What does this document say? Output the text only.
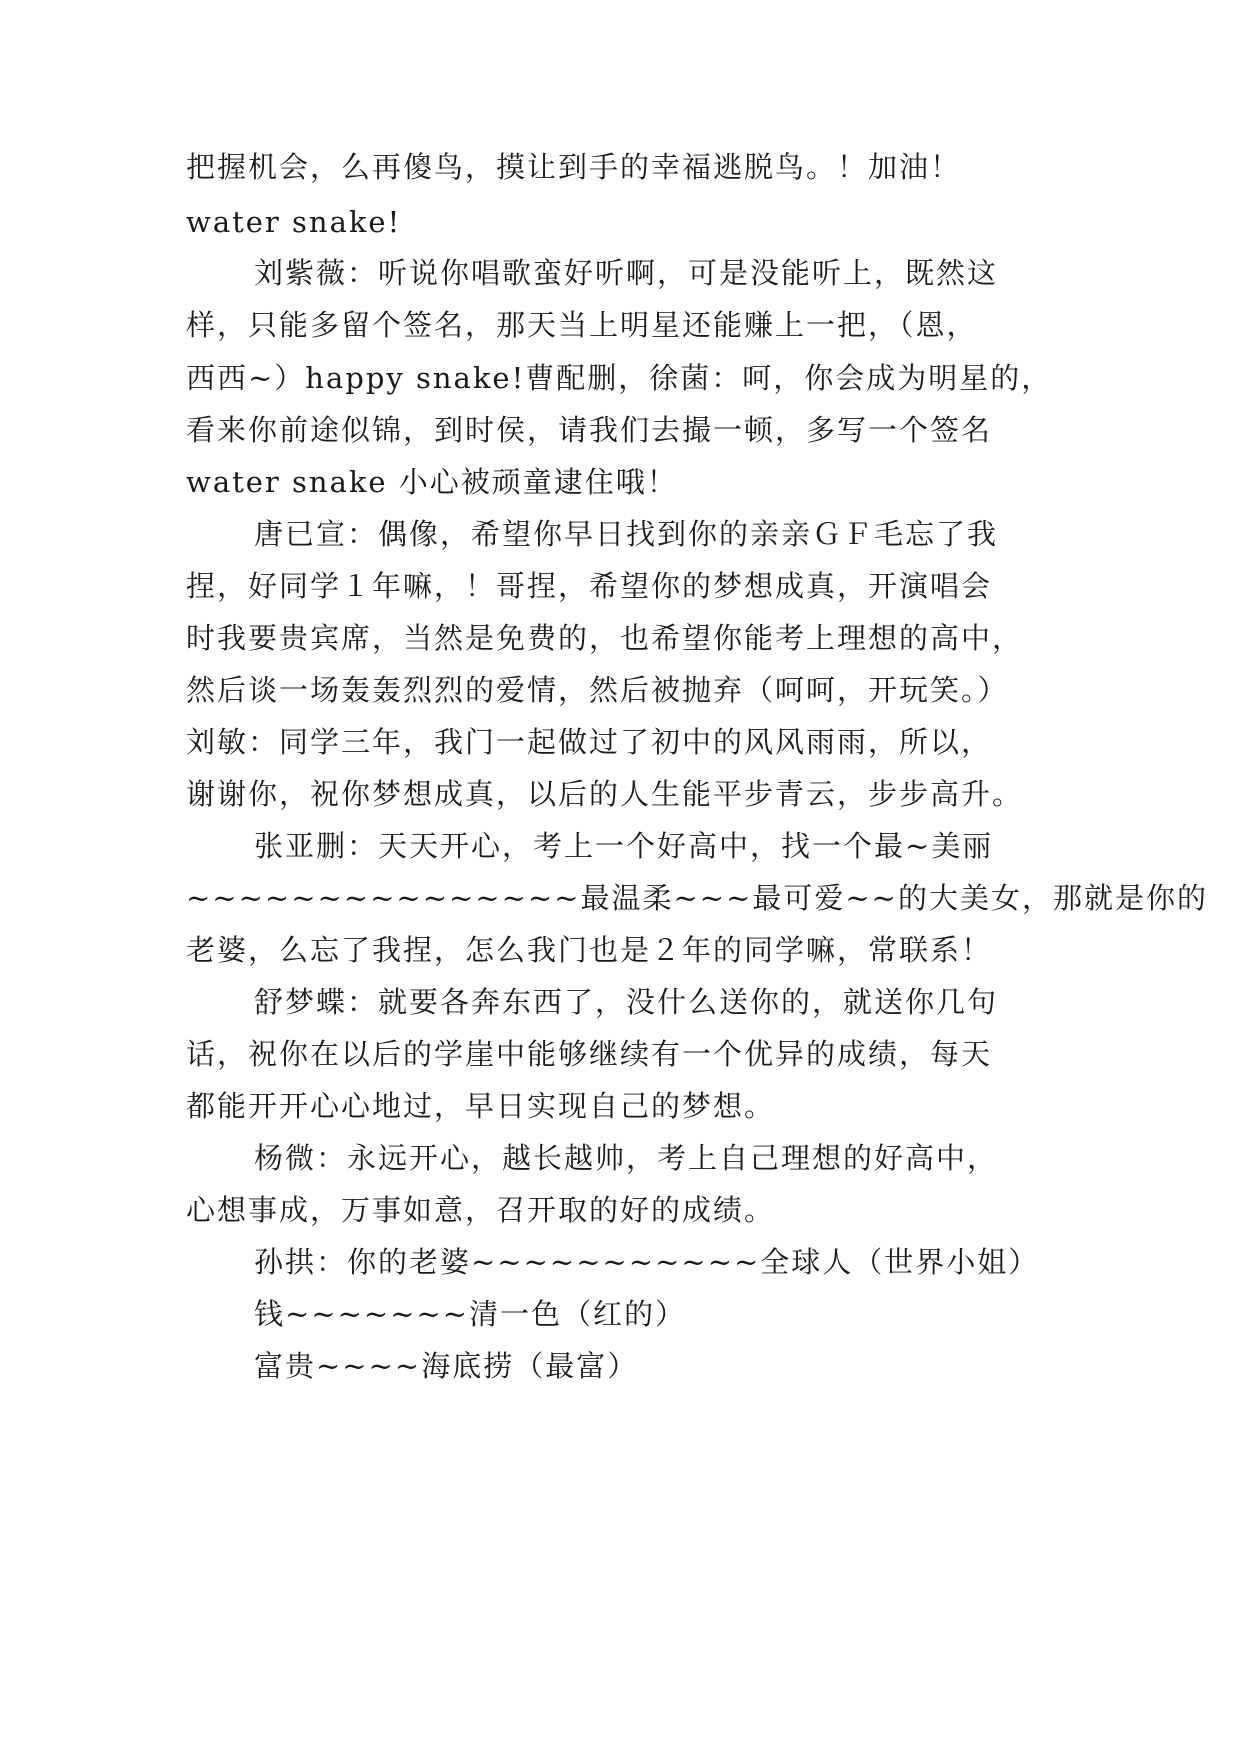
把握机会，么再傻鸟，摸让到手的幸福逃脱鸟。！加油！
water snake!
刘紫薇：听说你唱歌蛮好听啊，可是没能听上，既然这
样，只能多留个签名，那天当上明星还能赚上一把，（恩，
西西~）happy snake!曹配删，徐菌：呵，你会成为明星的，
看来你前途似锦，到时侯，请我们去撮一顿，多写一个签名
water snake 小心被顽童逮住哦！
唐已宣：偶像，希望你早日找到你的亲亲ＧＦ毛忘了我
捏，好同学１年嘛，！哥捏，希望你的梦想成真，开演唱会
时我要贵宾席，当然是免费的，也希望你能考上理想的高中，
然后谈一场轰轰烈烈的爱情，然后被抛弃（呵呵，开玩笑。）
刘敏：同学三年，我门一起做过了初中的风风雨雨，所以，
谢谢你，祝你梦想成真，以后的人生能平步青云，步步高升。
张亚删：天天开心，考上一个好高中，找一个最~美丽
~~~~~~~~~~~~~~~最温柔~~~最可爱~~的大美女，那就是你的
老婆，么忘了我捏，怎么我门也是２年的同学嘛，常联系！
舒梦蝶：就要各奔东西了，没什么送你的，就送你几句
话，祝你在以后的学崖中能够继续有一个优异的成绩，每天
都能开开心心地过，早日实现自己的梦想。
杨微：永远开心，越长越帅，考上自己理想的好高中，
心想事成，万事如意，召开取的好的成绩。
孙拱：你的老婆~~~~~~~~~~~全球人（世界小姐）
钱~~~~~~~清一色（红的）
富贵~~~~海底捞（最富）
